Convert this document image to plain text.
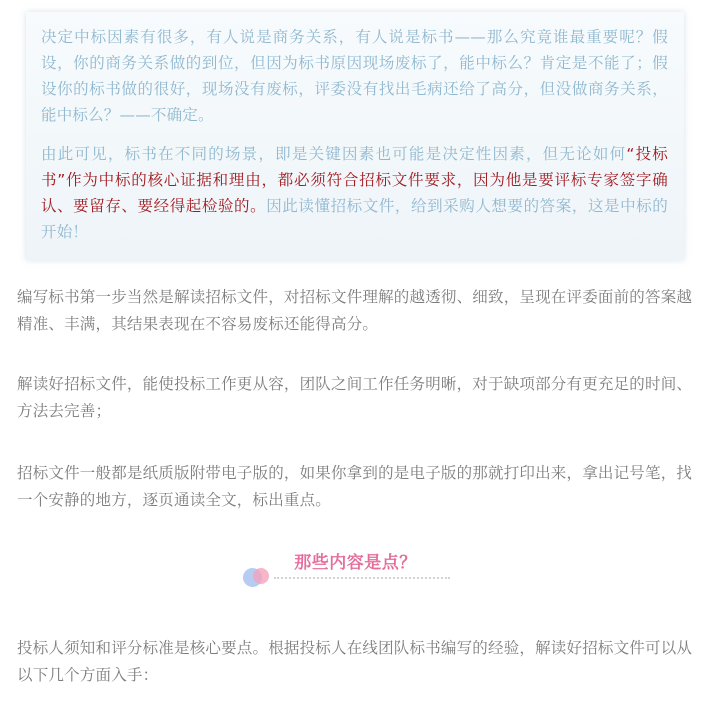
决定中标因素有很多，有人说是商务关系，有人说是标书——那么究竟谁最重要呢？假设，你的商务关系做的到位，但因为标书原因现场废标了，能中标么？肯定是不能了；假设你的标书做的很好，现场没有废标，评委没有找出毛病还给了高分，但没做商务关系，能中标么？——不确定。

由此可见，标书在不同的场景，即是关键因素也可能是决定性因素，但无论如何“投标书”作为中标的核心证据和理由，都必须符合招标文件要求，因为他是要评标专家签字确认、要留存、要经得起检验的。因此读懂招标文件，给到采购人想要的答案，这是中标的开始！

编写标书第一步当然是解读招标文件，对招标文件理解的越透彻、细致，呈现在评委面前的答案越精准、丰满，其结果表现在不容易废标还能得高分。

解读好招标文件，能使投标工作更从容，团队之间工作任务明晰，对于缺项部分有更充足的时间、方法去完善；

招标文件一般都是纸质版附带电子版的，如果你拿到的是电子版的那就打印出来，拿出记号笔，找一个安静的地方，逐页通读全文，标出重点。

那些内容是点？

投标人须知和评分标准是核心要点。根据投标人在线团队标书编写的经验，解读好招标文件可以从以下几个方面入手：
